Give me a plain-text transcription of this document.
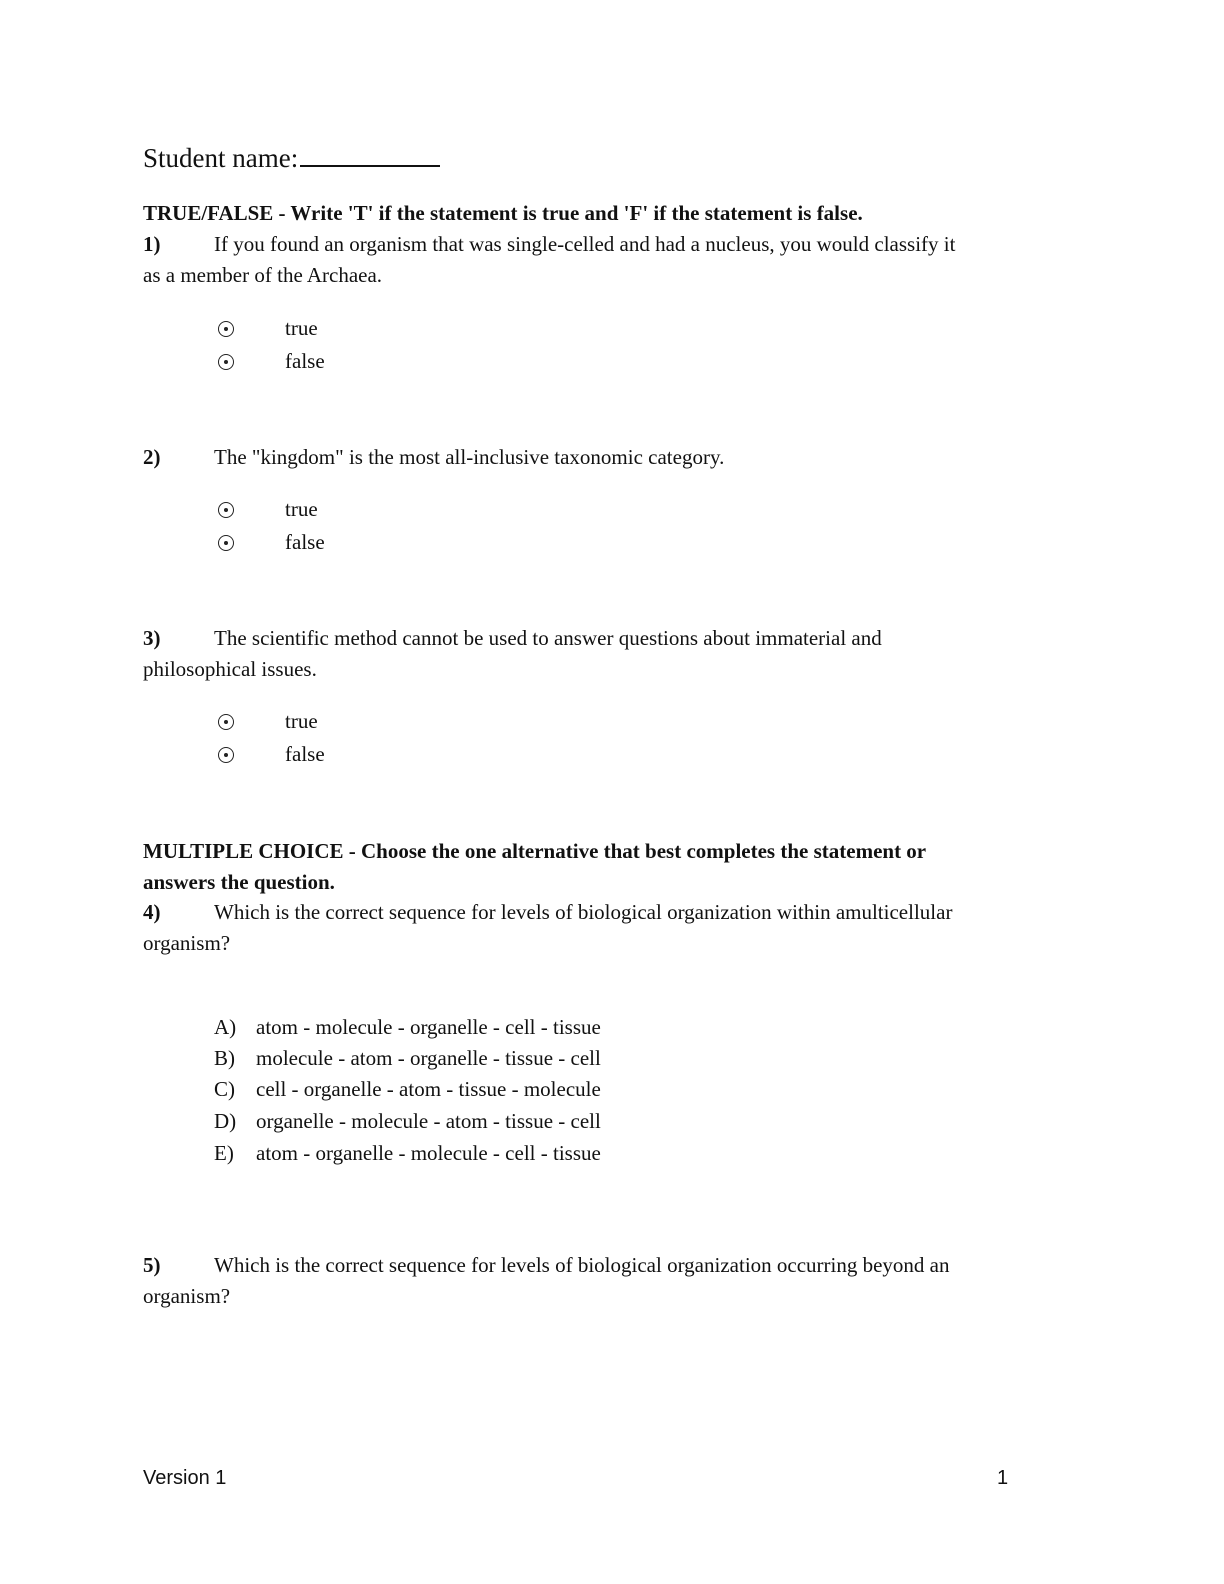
Student name:
TRUE/FALSE - Write 'T' if the statement is true and 'F' if the statement is false.
1)	If you found an organism that was single-celled and had a nucleus, you would classify it
as a member of the Archaea.
true
false
2)	The "kingdom" is the most all-inclusive taxonomic category.
true
false
3)	The scientific method cannot be used to answer questions about immaterial and
philosophical issues.
true
false
MULTIPLE CHOICE - Choose the one alternative that best completes the statement or
answers the question.
4)	Which is the correct sequence for levels of biological organization within amulticellular
organism?
A) atom - molecule - organelle - cell - tissue
B) molecule - atom - organelle - tissue - cell
C) cell - organelle - atom - tissue - molecule
D) organelle - molecule - atom - tissue - cell
E) atom - organelle - molecule - cell - tissue
5)	Which is the correct sequence for levels of biological organization occurring beyond an
organism?
Version 1	1
